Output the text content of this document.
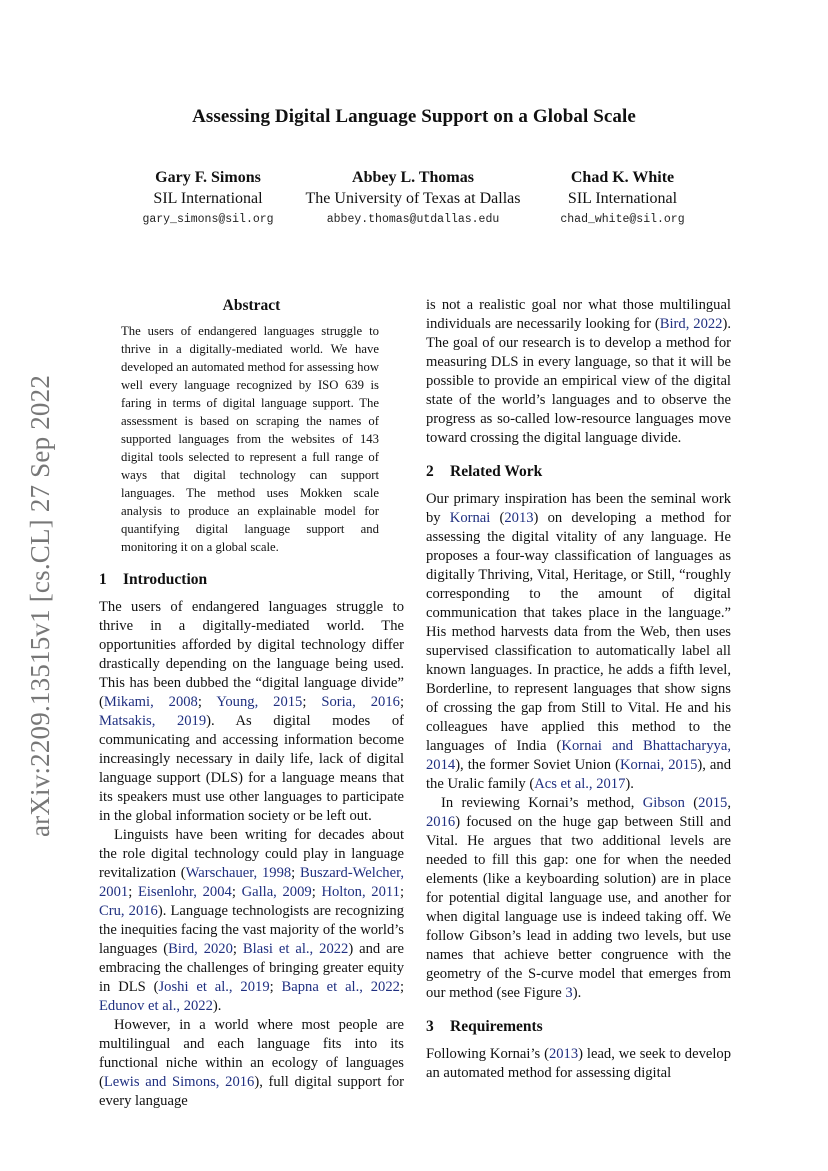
arXiv:2209.13515v1 [cs.CL] 27 Sep 2022
Assessing Digital Language Support on a Global Scale
Gary F. Simons
SIL International
gary_simons@sil.org
Abbey L. Thomas
The University of Texas at Dallas
abbey.thomas@utdallas.edu
Chad K. White
SIL International
chad_white@sil.org
Abstract

The users of endangered languages struggle to thrive in a digitally-mediated world. We have developed an automated method for assessing how well every language recognized by ISO 639 is faring in terms of digital language support. The assessment is based on scraping the names of supported languages from the websites of 143 digital tools selected to represent a full range of ways that digital technology can support languages. The method uses Mokken scale analysis to produce an explainable model for quantifying digital language support and monitoring it on a global scale.

1 Introduction

The users of endangered languages struggle to thrive in a digitally-mediated world. The opportunities afforded by digital technology differ drastically depending on the language being used. This has been dubbed the “digital language divide” (Mikami, 2008; Young, 2015; Soria, 2016; Matsakis, 2019). As digital modes of communicating and accessing information become increasingly necessary in daily life, lack of digital language support (DLS) for a language means that its speakers must use other languages to participate in the global information society or be left out.

Linguists have been writing for decades about the role digital technology could play in language revitalization (Warschauer, 1998; Buszard-Welcher, 2001; Eisenlohr, 2004; Galla, 2009; Holton, 2011; Cru, 2016). Language technologists are recognizing the inequities facing the vast majority of the world’s languages (Bird, 2020; Blasi et al., 2022) and are embracing the challenges of bringing greater equity in DLS (Joshi et al., 2019; Bapna et al., 2022; Edunov et al., 2022).

However, in a world where most people are multilingual and each language fits into its functional niche within an ecology of languages (Lewis and Simons, 2016), full digital support for every language

is not a realistic goal nor what those multilingual individuals are necessarily looking for (Bird, 2022). The goal of our research is to develop a method for measuring DLS in every language, so that it will be possible to provide an empirical view of the digital state of the world’s languages and to observe the progress as so-called low-resource languages move toward crossing the digital language divide.

2 Related Work

Our primary inspiration has been the seminal work by Kornai (2013) on developing a method for assessing the digital vitality of any language. He proposes a four-way classification of languages as digitally Thriving, Vital, Heritage, or Still, “roughly corresponding to the amount of digital communication that takes place in the language.” His method harvests data from the Web, then uses supervised classification to automatically label all known languages. In practice, he adds a fifth level, Borderline, to represent languages that show signs of crossing the gap from Still to Vital. He and his colleagues have applied this method to the languages of India (Kornai and Bhattacharyya, 2014), the former Soviet Union (Kornai, 2015), and the Uralic family (Acs et al., 2017).

In reviewing Kornai’s method, Gibson (2015, 2016) focused on the huge gap between Still and Vital. He argues that two additional levels are needed to fill this gap: one for when the needed elements (like a keyboarding solution) are in place for potential digital language use, and another for when digital language use is indeed taking off. We follow Gibson’s lead in adding two levels, but use names that achieve better congruence with the geometry of the S-curve model that emerges from our method (see Figure 3).

3 Requirements

Following Kornai’s (2013) lead, we seek to develop an automated method for assessing digital
